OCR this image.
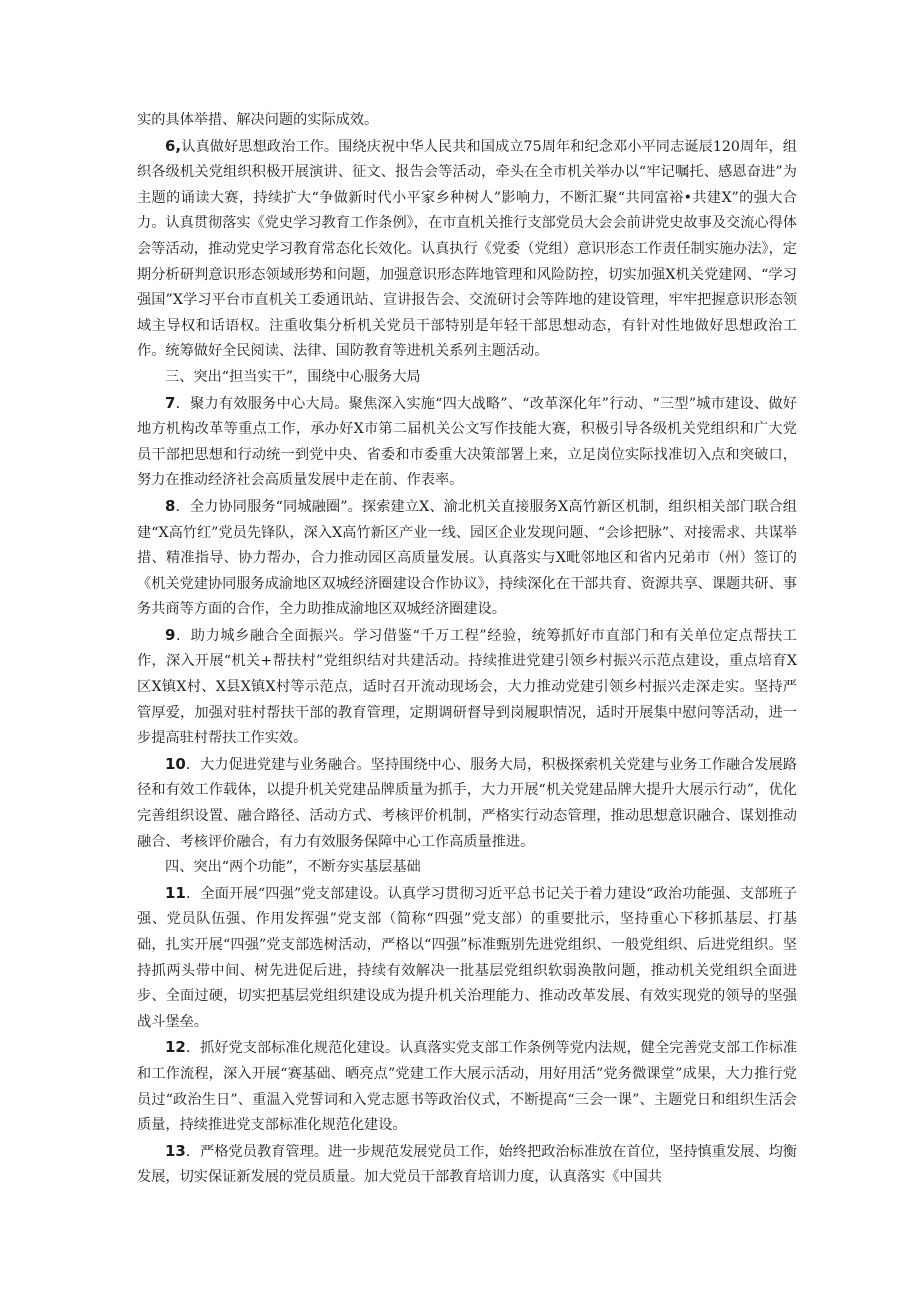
实的具体举措、解决问题的实际成效。

6,认真做好思想政治工作。围绕庆祝中华人民共和国成立75周年和纪念邓小平同志诞辰120周年，组织各级机关党组织积极开展演讲、征文、报告会等活动，牵头在全市机关举办以“牢记嘱托、感恩奋进”为主题的诵读大赛，持续扩大“争做新时代小平家乡种树人”影响力，不断汇聚“共同富裕•共建X”的强大合力。认真贯彻落实《党史学习教育工作条例》，在市直机关推行支部党员大会会前讲党史故事及交流心得体会等活动，推动党史学习教育常态化长效化。认真执行《党委（党组）意识形态工作责任制实施办法》，定期分析研判意识形态领域形势和问题，加强意识形态阵地管理和风险防控，切实加强X机关党建网、“学习强国”X学习平台市直机关工委通讯站、宣讲报告会、交流研讨会等阵地的建设管理，牢牢把握意识形态领域主导权和话语权。注重收集分析机关党员干部特别是年轻干部思想动态，有针对性地做好思想政治工作。统筹做好全民阅读、法律、国防教育等进机关系列主题活动。

三、突出“担当实干”，围绕中心服务大局

7．聚力有效服务中心大局。聚焦深入实施“四大战略”、“改革深化年”行动、“三型”城市建设、做好地方机构改革等重点工作，承办好X市第二届机关公文写作技能大赛，积极引导各级机关党组织和广大党员干部把思想和行动统一到党中央、省委和市委重大决策部署上来，立足岗位实际找准切入点和突破口，努力在推动经济社会高质量发展中走在前、作表率。

8．全力协同服务“同城融圈”。探索建立X、渝北机关直接服务X高竹新区机制，组织相关部门联合组建“X高竹红”党员先锋队，深入X高竹新区产业一线、园区企业发现问题、“会诊把脉”、对接需求、共谋举措、精准指导、协力帮办，合力推动园区高质量发展。认真落实与X毗邻地区和省内兄弟市（州）签订的《机关党建协同服务成渝地区双城经济圈建设合作协议》，持续深化在干部共育、资源共享、课题共研、事务共商等方面的合作，全力助推成渝地区双城经济圈建设。

9．助力城乡融合全面振兴。学习借鉴“千万工程”经验，统筹抓好市直部门和有关单位定点帮扶工作，深入开展“机关+帮扶村”党组织结对共建活动。持续推进党建引领乡村振兴示范点建设，重点培育X区X镇X村、X县X镇X村等示范点，适时召开流动现场会，大力推动党建引领乡村振兴走深走实。坚持严管厚爱，加强对驻村帮扶干部的教育管理，定期调研督导到岗履职情况，适时开展集中慰问等活动，进一步提高驻村帮扶工作实效。

10．大力促进党建与业务融合。坚持围绕中心、服务大局，积极探索机关党建与业务工作融合发展路径和有效工作载体，以提升机关党建品牌质量为抓手，大力开展“机关党建品牌大提升大展示行动”，优化完善组织设置、融合路径、活动方式、考核评价机制，严格实行动态管理，推动思想意识融合、谋划推动融合、考核评价融合，有力有效服务保障中心工作高质量推进。

四、突出“两个功能”，不断夯实基层基础

11．全面开展“四强”党支部建设。认真学习贯彻习近平总书记关于着力建设“政治功能强、支部班子强、党员队伍强、作用发挥强”党支部（简称“四强”党支部）的重要批示，坚持重心下移抓基层、打基础，扎实开展“四强”党支部选树活动，严格以“四强”标准甄别先进党组织、一般党组织、后进党组织。坚持抓两头带中间、树先进促后进，持续有效解决一批基层党组织软弱涣散问题，推动机关党组织全面进步、全面过硬，切实把基层党组织建设成为提升机关治理能力、推动改革发展、有效实现党的领导的坚强战斗堡垒。

12．抓好党支部标准化规范化建设。认真落实党支部工作条例等党内法规，健全完善党支部工作标准和工作流程，深入开展“赛基础、晒亮点”党建工作大展示活动，用好用活”党务微课堂”成果，大力推行党员过“政治生日”、重温入党誓词和入党志愿书等政治仪式，不断提高“三会一课”、主题党日和组织生活会质量，持续推进党支部标准化规范化建设。

13．严格党员教育管理。进一步规范发展党员工作，始终把政治标准放在首位，坚持慎重发展、均衡发展，切实保证新发展的党员质量。加大党员干部教育培训力度，认真落实《中国共
